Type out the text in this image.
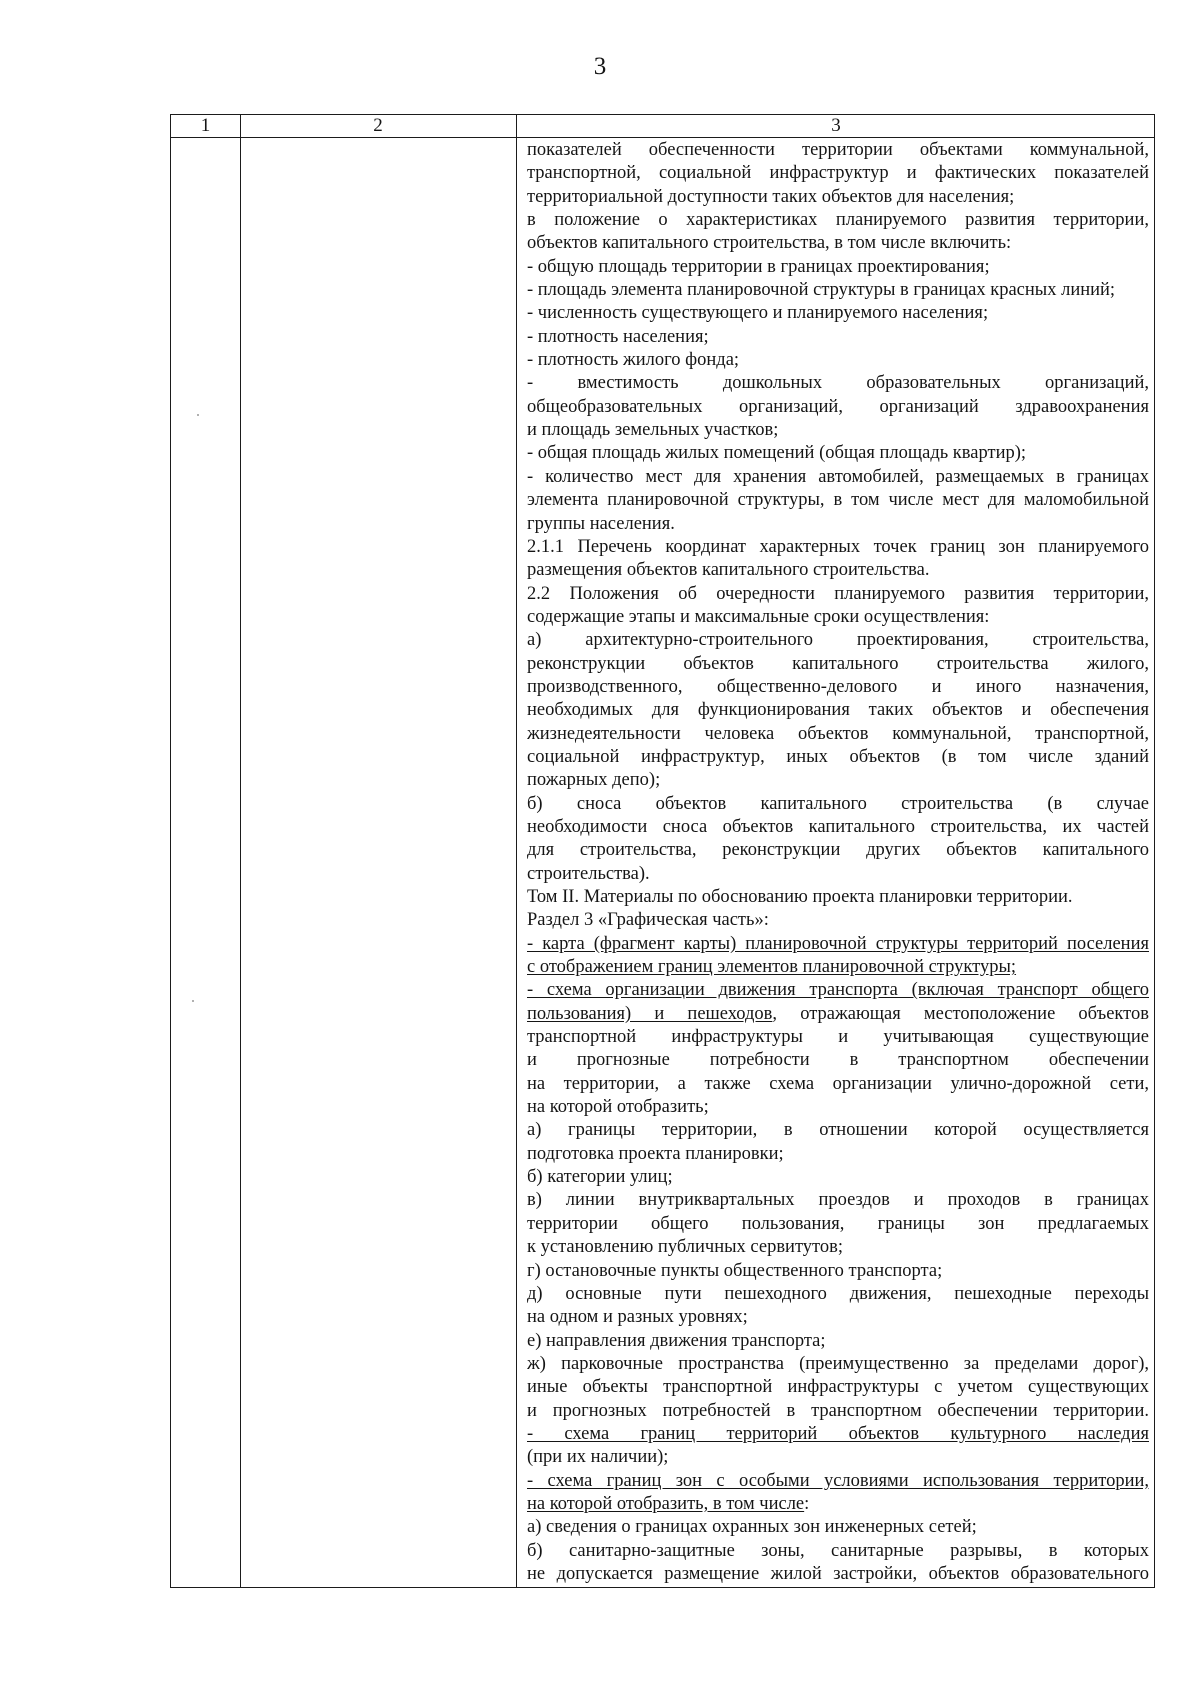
3
1	2	3
показателей обеспеченности территории объектами коммунальной,
транспортной, социальной инфраструктур и фактических показателей
территориальной доступности таких объектов для населения;
в положение о характеристиках планируемого развития территории,
объектов капитального строительства, в том числе включить:
- общую площадь территории в границах проектирования;
- площадь элемента планировочной структуры в границах красных линий;
- численность существующего и планируемого населения;
- плотность населения;
- плотность жилого фонда;
- вместимость дошкольных образовательных организаций,
общеобразовательных организаций, организаций здравоохранения
и площадь земельных участков;
- общая площадь жилых помещений (общая площадь квартир);
- количество мест для хранения автомобилей, размещаемых в границах
элемента планировочной структуры, в том числе мест для маломобильной
группы населения.
2.1.1 Перечень координат характерных точек границ зон планируемого
размещения объектов капитального строительства.
2.2 Положения об очередности планируемого развития территории,
содержащие этапы и максимальные сроки осуществления:
а) архитектурно-строительного проектирования, строительства,
реконструкции объектов капитального строительства жилого,
производственного, общественно-делового и иного назначения,
необходимых для функционирования таких объектов и обеспечения
жизнедеятельности человека объектов коммунальной, транспортной,
социальной инфраструктур, иных объектов (в том числе зданий
пожарных депо);
б) сноса объектов капитального строительства (в случае
необходимости сноса объектов капитального строительства, их частей
для строительства, реконструкции других объектов капитального
строительства).
Том II. Материалы по обоснованию проекта планировки территории.
Раздел 3 «Графическая часть»:
- карта (фрагмент карты) планировочной структуры территорий поселения
с отображением границ элементов планировочной структуры;
- схема организации движения транспорта (включая транспорт общего
пользования) и пешеходов, отражающая местоположение объектов
транспортной инфраструктуры и учитывающая существующие
и прогнозные потребности в транспортном обеспечении
на территории, а также схема организации улично-дорожной сети,
на которой отобразить;
а) границы территории, в отношении которой осуществляется
подготовка проекта планировки;
б) категории улиц;
в) линии внутриквартальных проездов и проходов в границах
территории общего пользования, границы зон предлагаемых
к установлению публичных сервитутов;
г) остановочные пункты общественного транспорта;
д) основные пути пешеходного движения, пешеходные переходы
на одном и разных уровнях;
е) направления движения транспорта;
ж) парковочные пространства (преимущественно за пределами дорог),
иные объекты транспортной инфраструктуры с учетом существующих
и прогнозных потребностей в транспортном обеспечении территории.
- схема границ территорий объектов культурного наследия
(при их наличии);
- схема границ зон с особыми условиями использования территории,
на которой отобразить, в том числе:
а) сведения о границах охранных зон инженерных сетей;
б) санитарно-защитные зоны, санитарные разрывы, в которых
не допускается размещение жилой застройки, объектов образовательного
